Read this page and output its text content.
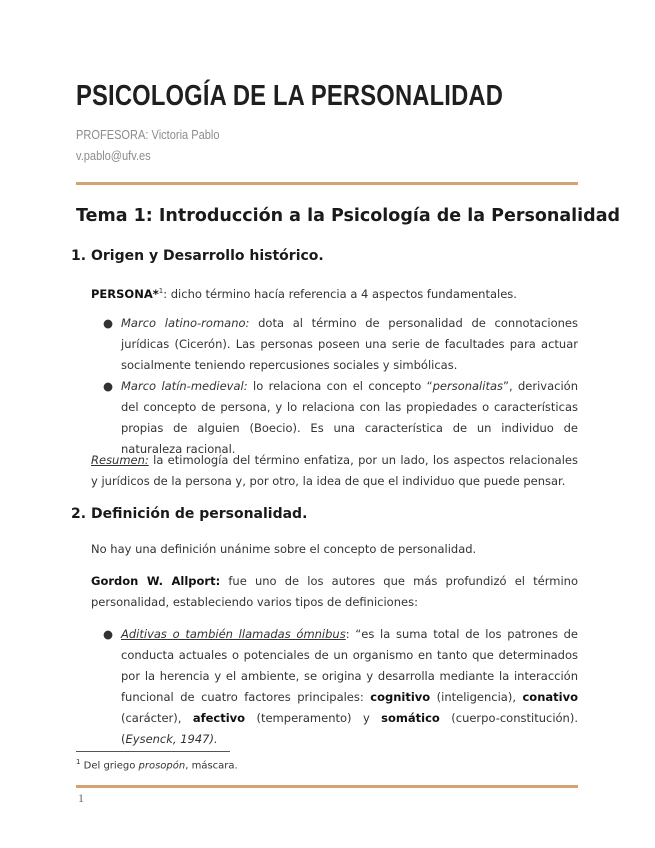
PSICOLOGÍA DE LA PERSONALIDAD
PROFESORA: Victoria Pablo
v.pablo@ufv.es
Tema 1: Introducción a la Psicología de la Personalidad
1. Origen y Desarrollo histórico.
PERSONA*$^1$: dicho término hacía referencia a 4 aspectos fundamentales.
● Marco latino-romano: dota al término de personalidad de connotaciones jurídicas (Cicerón). Las personas poseen una serie de facultades para actuar socialmente teniendo repercusiones sociales y simbólicas.
● Marco latín-medieval: lo relaciona con el concepto “personalitas”, derivación del concepto de persona, y lo relaciona con las propiedades o características propias de alguien (Boecio). Es una característica de un individuo de naturaleza racional.
Resumen: la etimología del término enfatiza, por un lado, los aspectos relacionales y jurídicos de la persona y, por otro, la idea de que el individuo que puede pensar.
2. Definición de personalidad.
No hay una definición unánime sobre el concepto de personalidad.
Gordon W. Allport: fue uno de los autores que más profundizó el término personalidad, estableciendo varios tipos de definiciones:
● Aditivas o también llamadas ómnibus: “es la suma total de los patrones de conducta actuales o potenciales de un organismo en tanto que determinados por la herencia y el ambiente, se origina y desarrolla mediante la interacción funcional de cuatro factores principales: cognitivo (inteligencia), conativo (carácter), afectivo (temperamento) y somático (cuerpo-constitución). (Eysenck, 1947).
$^1$ Del griego prosopón, máscara.
1
